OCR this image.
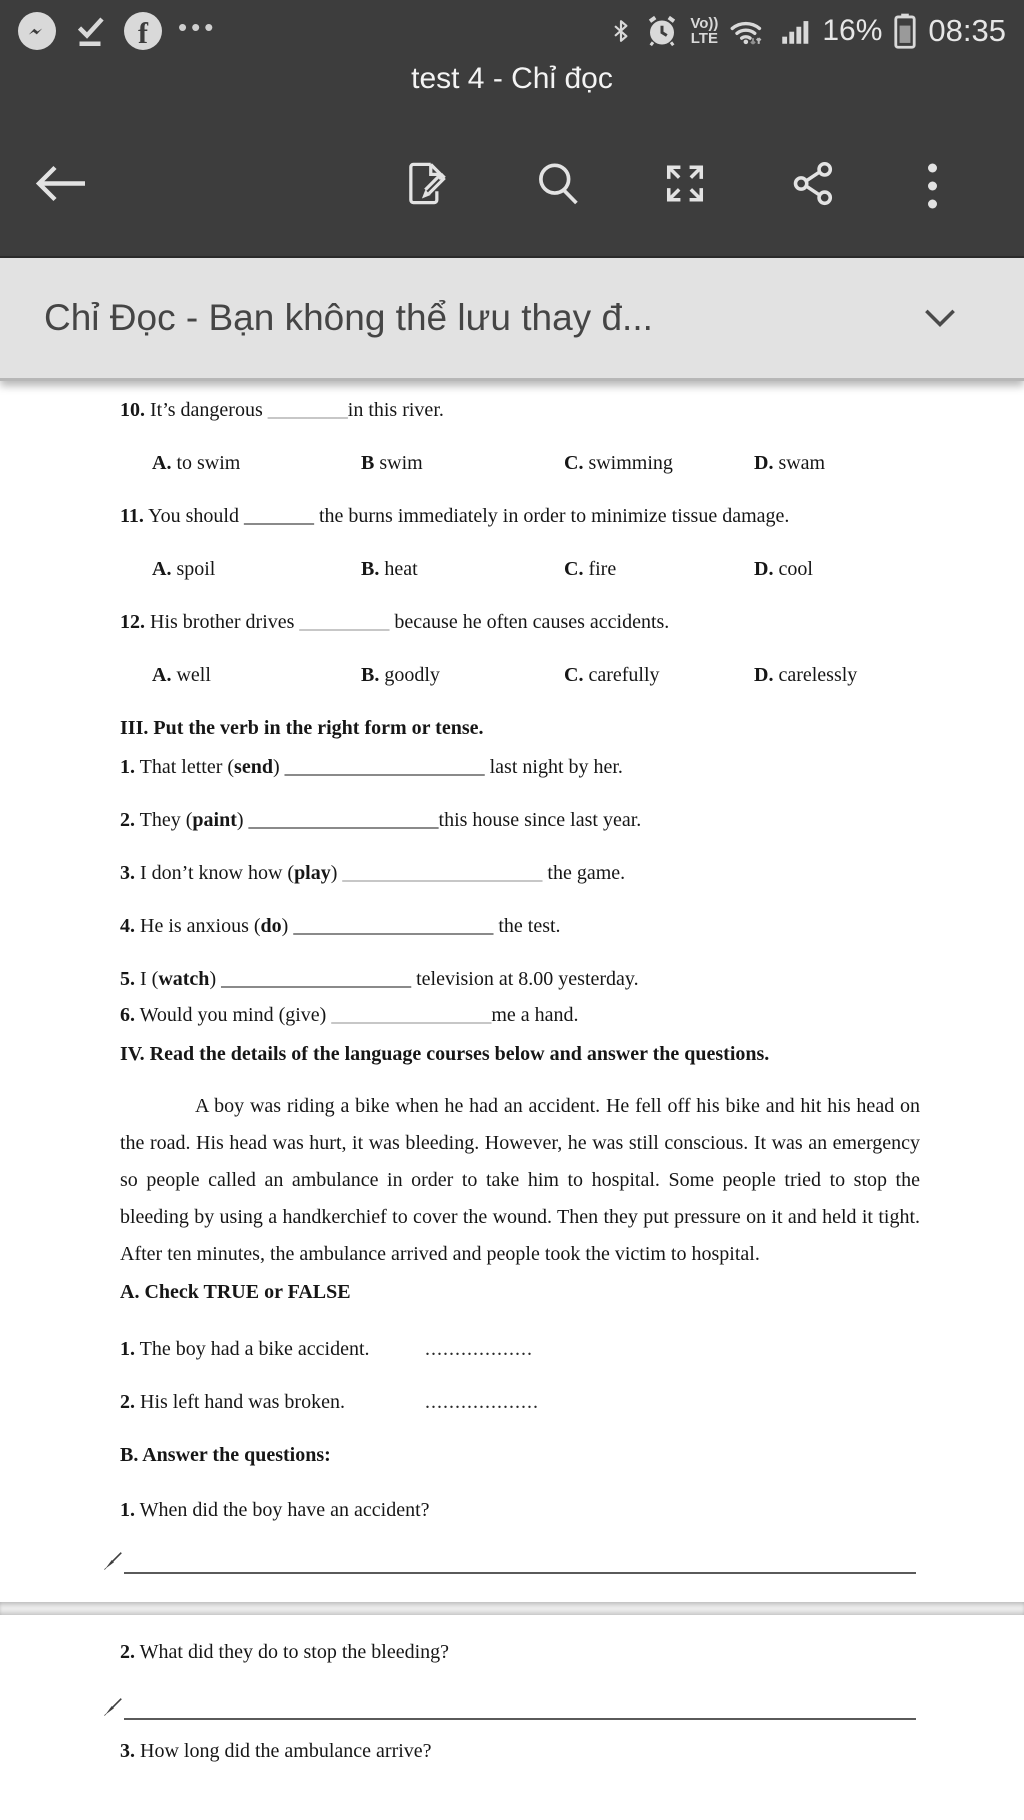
f •••	Vo))
LTE	16% 08:35
test 4 - Chỉ đọc
Chỉ Đọc - Bạn không thể lưu thay đ...
10. It’s dangerous ________in this river.
A. to swim	B swim	C. swimming	D. swam
11. You should _______ the burns immediately in order to minimize tissue damage.
A. spoil	B. heat	C. fire	D. cool
12. His brother drives _________ because he often causes accidents.
A. well	B. goodly	C. carefully	D. carelessly
III. Put the verb in the right form or tense.
1. That letter (send) ____________________ last night by her.
2. They (paint) ___________________this house since last year.
3. I don’t know how (play) ____________________ the game.
4. He is anxious (do) ____________________ the test.
5. I (watch) ___________________ television at 8.00 yesterday.
6. Would you mind (give) ________________me a hand.
IV. Read the details of the language courses below and answer the questions.

A boy was riding a bike when he had an accident. He fell off his bike and hit his head on the road. His head was hurt, it was bleeding. However, he was still conscious. It was an emergency so people called an ambulance in order to take him to hospital. Some people tried to stop the bleeding by using a handkerchief to cover the wound. Then they put pressure on it and held it tight. After ten minutes, the ambulance arrived and people took the victim to hospital.

A. Check TRUE or FALSE
1. The boy had a bike accident.	..................
2. His left hand was broken.	...................
B. Answer the questions:
1. When did the boy have an accident?
2. What did they do to stop the bleeding?
3. How long did the ambulance arrive?
